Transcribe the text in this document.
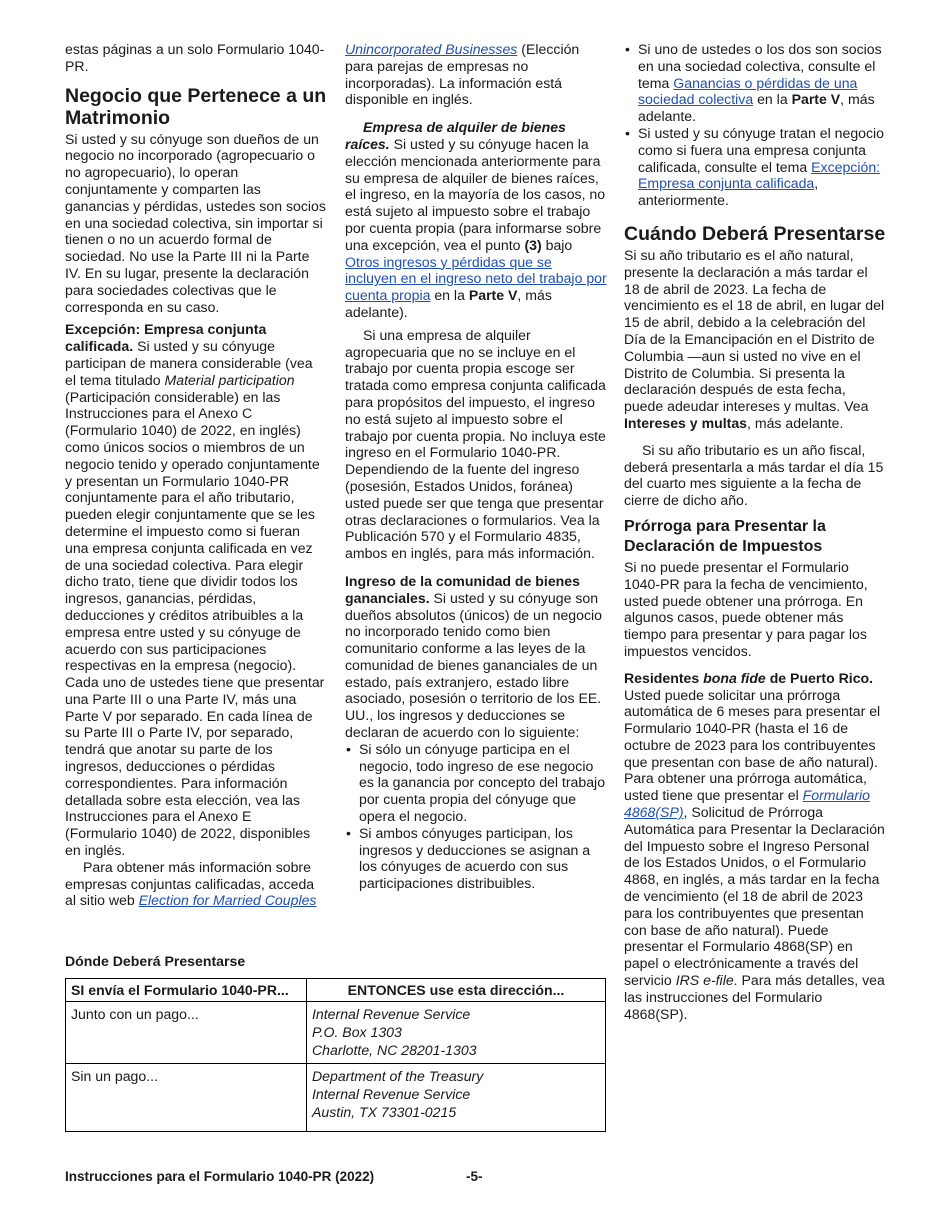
estas páginas a un solo Formulario 1040-PR.

Negocio que Pertenece a un Matrimonio

Si usted y su cónyuge son dueños de un negocio no incorporado (agropecuario o no agropecuario), lo operan conjuntamente y comparten las ganancias y pérdidas, ustedes son socios en una sociedad colectiva, sin importar si tienen o no un acuerdo formal de sociedad. No use la Parte III ni la Parte IV. En su lugar, presente la declaración para sociedades colectivas que le corresponda en su caso.

Excepción: Empresa conjunta calificada. Si usted y su cónyuge participan de manera considerable (vea el tema titulado Material participation (Participación considerable) en las Instrucciones para el Anexo C (Formulario 1040) de 2022, en inglés) como únicos socios o miembros de un negocio tenido y operado conjuntamente y presentan un Formulario 1040-PR conjuntamente para el año tributario, pueden elegir conjuntamente que se les determine el impuesto como si fueran una empresa conjunta calificada en vez de una sociedad colectiva. Para elegir dicho trato, tiene que dividir todos los ingresos, ganancias, pérdidas, deducciones y créditos atribuibles a la empresa entre usted y su cónyuge de acuerdo con sus participaciones respectivas en la empresa (negocio). Cada uno de ustedes tiene que presentar una Parte III o una Parte IV, más una Parte V por separado. En cada línea de su Parte III o Parte IV, por separado, tendrá que anotar su parte de los ingresos, deducciones o pérdidas correspondientes. Para información detallada sobre esta elección, vea las Instrucciones para el Anexo E (Formulario 1040) de 2022, disponibles en inglés.

Para obtener más información sobre empresas conjuntas calificadas, acceda al sitio web Election for Married Couples

Unincorporated Businesses (Elección para parejas de empresas no incorporadas). La información está disponible en inglés.

Empresa de alquiler de bienes raíces. Si usted y su cónyuge hacen la elección mencionada anteriormente para su empresa de alquiler de bienes raíces, el ingreso, en la mayoría de los casos, no está sujeto al impuesto sobre el trabajo por cuenta propia (para informarse sobre una excepción, vea el punto (3) bajo Otros ingresos y pérdidas que se incluyen en el ingreso neto del trabajo por cuenta propia en la Parte V, más adelante).

Si una empresa de alquiler agropecuaria que no se incluye en el trabajo por cuenta propia escoge ser tratada como empresa conjunta calificada para propósitos del impuesto, el ingreso no está sujeto al impuesto sobre el trabajo por cuenta propia. No incluya este ingreso en el Formulario 1040-PR. Dependiendo de la fuente del ingreso (posesión, Estados Unidos, foránea) usted puede ser que tenga que presentar otras declaraciones o formularios. Vea la Publicación 570 y el Formulario 4835, ambos en inglés, para más información.

Ingreso de la comunidad de bienes gananciales. Si usted y su cónyuge son dueños absolutos (únicos) de un negocio no incorporado tenido como bien comunitario conforme a las leyes de la comunidad de bienes gananciales de un estado, país extranjero, estado libre asociado, posesión o territorio de los EE. UU., los ingresos y deducciones se declaran de acuerdo con lo siguiente:

• Si sólo un cónyuge participa en el negocio, todo ingreso de ese negocio es la ganancia por concepto del trabajo por cuenta propia del cónyuge que opera el negocio.

• Si ambos cónyuges participan, los ingresos y deducciones se asignan a los cónyuges de acuerdo con sus participaciones distribuibles.

• Si uno de ustedes o los dos son socios en una sociedad colectiva, consulte el tema Ganancias o pérdidas de una sociedad colectiva en la Parte V, más adelante.

• Si usted y su cónyuge tratan el negocio como si fuera una empresa conjunta calificada, consulte el tema Excepción: Empresa conjunta calificada, anteriormente.

Cuándo Deberá Presentarse

Si su año tributario es el año natural, presente la declaración a más tardar el 18 de abril de 2023. La fecha de vencimiento es el 18 de abril, en lugar del 15 de abril, debido a la celebración del Día de la Emancipación en el Distrito de Columbia —aun si usted no vive en el Distrito de Columbia. Si presenta la declaración después de esta fecha, puede adeudar intereses y multas. Vea Intereses y multas, más adelante.

Si su año tributario es un año fiscal, deberá presentarla a más tardar el día 15 del cuarto mes siguiente a la fecha de cierre de dicho año.

Prórroga para Presentar la Declaración de Impuestos

Si no puede presentar el Formulario 1040-PR para la fecha de vencimiento, usted puede obtener una prórroga. En algunos casos, puede obtener más tiempo para presentar y para pagar los impuestos vencidos.

Residentes bona fide de Puerto Rico. Usted puede solicitar una prórroga automática de 6 meses para presentar el Formulario 1040-PR (hasta el 16 de octubre de 2023 para los contribuyentes que presentan con base de año natural). Para obtener una prórroga automática, usted tiene que presentar el Formulario 4868(SP), Solicitud de Prórroga Automática para Presentar la Declaración del Impuesto sobre el Ingreso Personal de los Estados Unidos, o el Formulario 4868, en inglés, a más tardar en la fecha de vencimiento (el 18 de abril de 2023 para los contribuyentes que presentan con base de año natural). Puede presentar el Formulario 4868(SP) en papel o electrónicamente a través del servicio IRS e-file. Para más detalles, vea las instrucciones del Formulario 4868(SP).

Dónde Deberá Presentarse
SI envía el Formulario 1040-PR...	ENTONCES use esta dirección...
Junto con un pago...	Internal Revenue Service
P.O. Box 1303
Charlotte, NC 28201-1303

Sin un pago...	Department of the Treasury
Internal Revenue Service
Austin, TX 73301-0215
Instrucciones para el Formulario 1040-PR (2022)	-5-
